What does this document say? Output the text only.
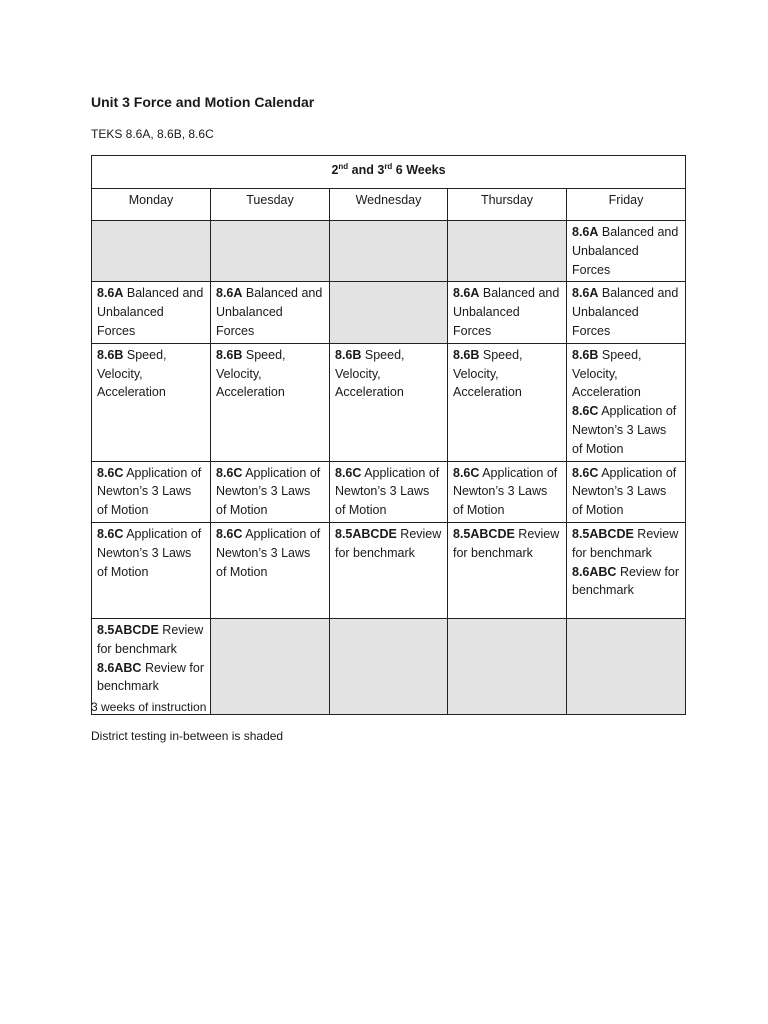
Unit 3 Force and Motion Calendar
TEKS 8.6A, 8.6B, 8.6C
2nd and 3rd 6 Weeks				
Monday	Tuesday	Wednesday	Thursday	Friday

				8.6A Balanced and Unbalanced Forces

8.6A Balanced and Unbalanced Forces	8.6A Balanced and Unbalanced Forces		8.6A Balanced and Unbalanced Forces	8.6A Balanced and Unbalanced Forces

8.6B Speed, Velocity, Acceleration	8.6B Speed, Velocity, Acceleration	8.6B Speed, Velocity, Acceleration	8.6B Speed, Velocity, Acceleration	8.6B Speed, Velocity, Acceleration
8.6C Application of Newton’s 3 Laws of Motion

8.6C Application of Newton’s 3 Laws of Motion	8.6C Application of Newton’s 3 Laws of Motion	8.6C Application of Newton’s 3 Laws of Motion	8.6C Application of Newton’s 3 Laws of Motion	8.6C Application of Newton’s 3 Laws of Motion

8.6C Application of Newton’s 3 Laws of Motion	8.6C Application of Newton’s 3 Laws of Motion	8.5ABCDE Review for benchmark	8.5ABCDE Review for benchmark	8.5ABCDE Review for benchmark
8.6ABC Review for benchmark

8.5ABCDE Review for benchmark
8.6ABC Review for benchmark				

3 weeks of instruction
District testing in-between is shaded
